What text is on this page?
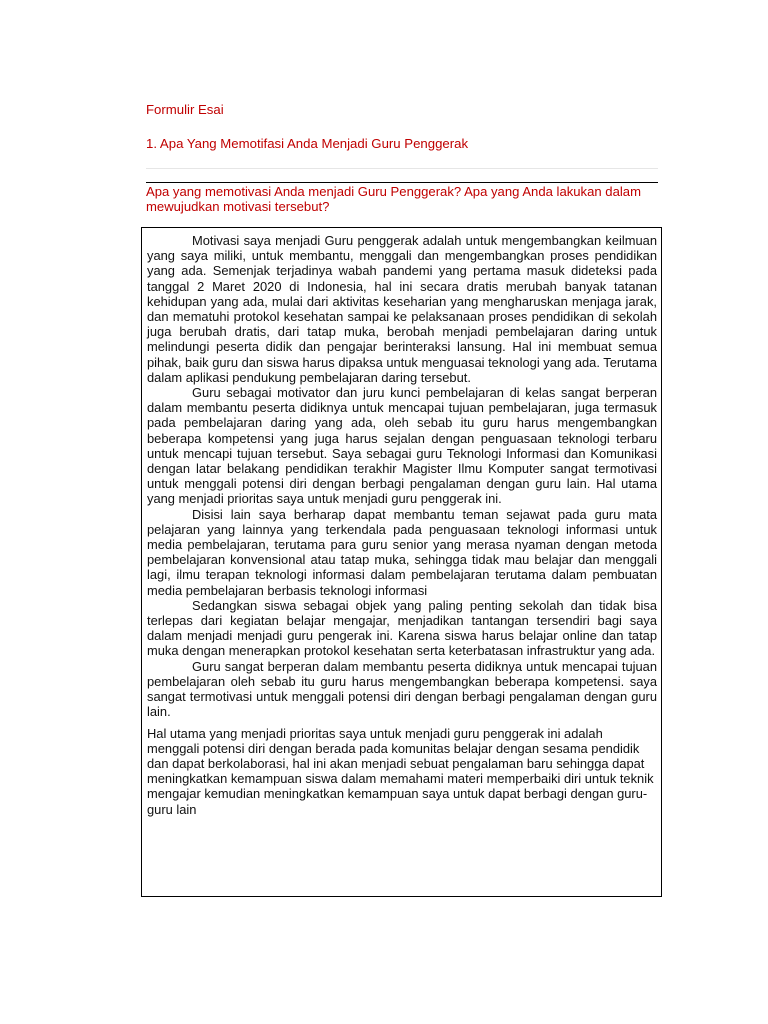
Formulir Esai
1. Apa Yang Memotifasi Anda Menjadi Guru Penggerak
Apa yang memotivasi Anda menjadi Guru Penggerak? Apa yang Anda lakukan dalam mewujudkan motivasi tersebut?

Motivasi saya menjadi Guru penggerak adalah untuk mengembangkan keilmuan yang saya miliki, untuk membantu, menggali dan mengembangkan proses pendidikan yang ada. Semenjak terjadinya wabah pandemi yang pertama masuk dideteksi pada tanggal 2 Maret 2020 di Indonesia, hal ini secara dratis merubah banyak tatanan kehidupan yang ada, mulai dari aktivitas keseharian yang mengharuskan menjaga jarak, dan mematuhi protokol kesehatan sampai ke pelaksanaan proses pendidikan di sekolah juga berubah dratis, dari tatap muka, berobah menjadi pembelajaran daring untuk melindungi peserta didik dan pengajar berinteraksi lansung. Hal ini membuat semua pihak, baik guru dan siswa harus dipaksa untuk menguasai teknologi yang ada. Terutama dalam aplikasi pendukung pembelajaran daring tersebut.

Guru sebagai motivator dan juru kunci pembelajaran di kelas sangat berperan dalam membantu peserta didiknya untuk mencapai tujuan pembelajaran, juga termasuk pada pembelajaran daring yang ada, oleh sebab itu guru harus mengembangkan beberapa kompetensi yang juga harus sejalan dengan penguasaan teknologi terbaru untuk mencapi tujuan tersebut. Saya sebagai guru Teknologi Informasi dan Komunikasi dengan latar belakang pendidikan terakhir Magister Ilmu Komputer sangat termotivasi untuk menggali potensi diri dengan berbagi pengalaman dengan guru lain. Hal utama yang menjadi prioritas saya untuk menjadi guru penggerak ini.

Disisi lain saya berharap dapat membantu teman sejawat pada guru mata pelajaran yang lainnya yang terkendala pada penguasaan teknologi informasi untuk media pembelajaran, terutama para guru senior yang merasa nyaman dengan metoda pembelajaran konvensional atau tatap muka, sehingga tidak mau belajar dan menggali lagi, ilmu terapan teknologi informasi dalam pembelajaran terutama dalam pembuatan media pembelajaran berbasis teknologi informasi

Sedangkan siswa sebagai objek yang paling penting sekolah dan tidak bisa terlepas dari kegiatan belajar mengajar, menjadikan tantangan tersendiri bagi saya dalam menjadi menjadi guru pengerak ini. Karena siswa harus belajar online dan tatap muka dengan menerapkan protokol kesehatan serta keterbatasan infrastruktur yang ada.

Guru sangat berperan dalam membantu peserta didiknya untuk mencapai tujuan pembelajaran oleh sebab itu guru harus mengembangkan beberapa kompetensi. saya sangat termotivasi untuk menggali potensi diri dengan berbagi pengalaman dengan guru lain.

Hal utama yang menjadi prioritas saya untuk menjadi guru penggerak ini adalah menggali potensi diri dengan berada pada komunitas belajar dengan sesama pendidik dan dapat berkolaborasi, hal ini akan menjadi sebuat pengalaman baru sehingga dapat meningkatkan kemampuan siswa dalam memahami materi memperbaiki diri untuk teknik mengajar kemudian meningkatkan kemampuan saya untuk dapat berbagi dengan guru-guru lain
